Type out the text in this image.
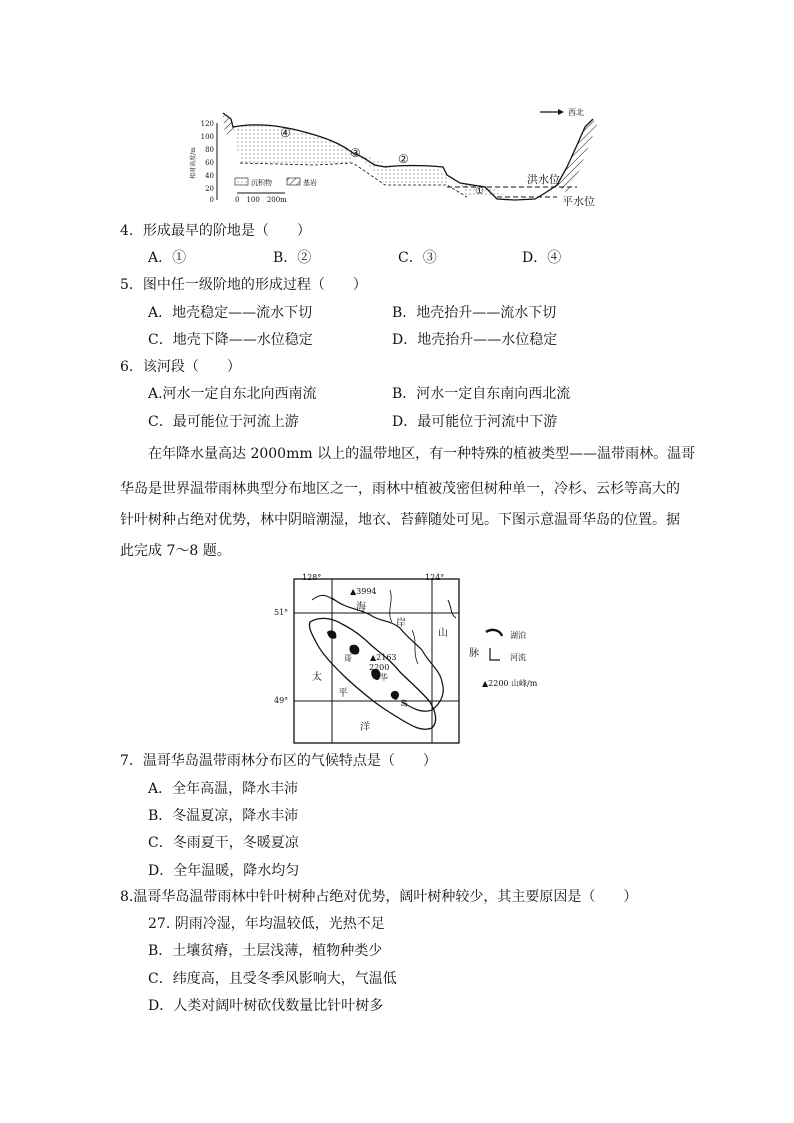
120
100
80
60
40
20
0
相对高度/m
④
③	②
①
西北
洪水位
平水位
沉积物	基岩
0　100　200m
4．形成最早的阶地是（　　）
A．①	B．②	C．③	D．④
5．图中任一级阶地的形成过程（　　）
A．地壳稳定——流水下切	B．地壳抬升——流水下切
C．地壳下降——水位稳定	D．地壳抬升——水位稳定
6．该河段（　　）
A.河水一定自东北向西南流	B．河水一定自东南向西北流
C．最可能位于河流上游	D．最可能位于河流中下游
在年降水量高达 2000mm 以上的温带地区，有一种特殊的植被类型——温带雨林。温哥
华岛是世界温带雨林典型分布地区之一，雨林中植被茂密但树种单一，冷杉、云杉等高大的
针叶树种占绝对优势，林中阴暗潮湿，地衣、苔藓随处可见。下图示意温哥华岛的位置。据
此完成 7～8 题。
128°	124°
51°
49°
▲3994
海
岸
山
脉
▲2163
2200
哥
华
岛
太
平
洋
湖泊
河流
▲2200 山峰/m
7．温哥华岛温带雨林分布区的气候特点是（　　）
A．全年高温，降水丰沛
B．冬温夏凉，降水丰沛
C．冬雨夏干，冬暖夏凉
D．全年温暖，降水均匀
8.温哥华岛温带雨林中针叶树种占绝对优势，阔叶树种较少，其主要原因是（　　）
27. 阴雨冷湿，年均温较低，光热不足
B．土壤贫瘠，土层浅薄，植物种类少
C．纬度高，且受冬季风影响大，气温低
D．人类对阔叶树砍伐数量比针叶树多
